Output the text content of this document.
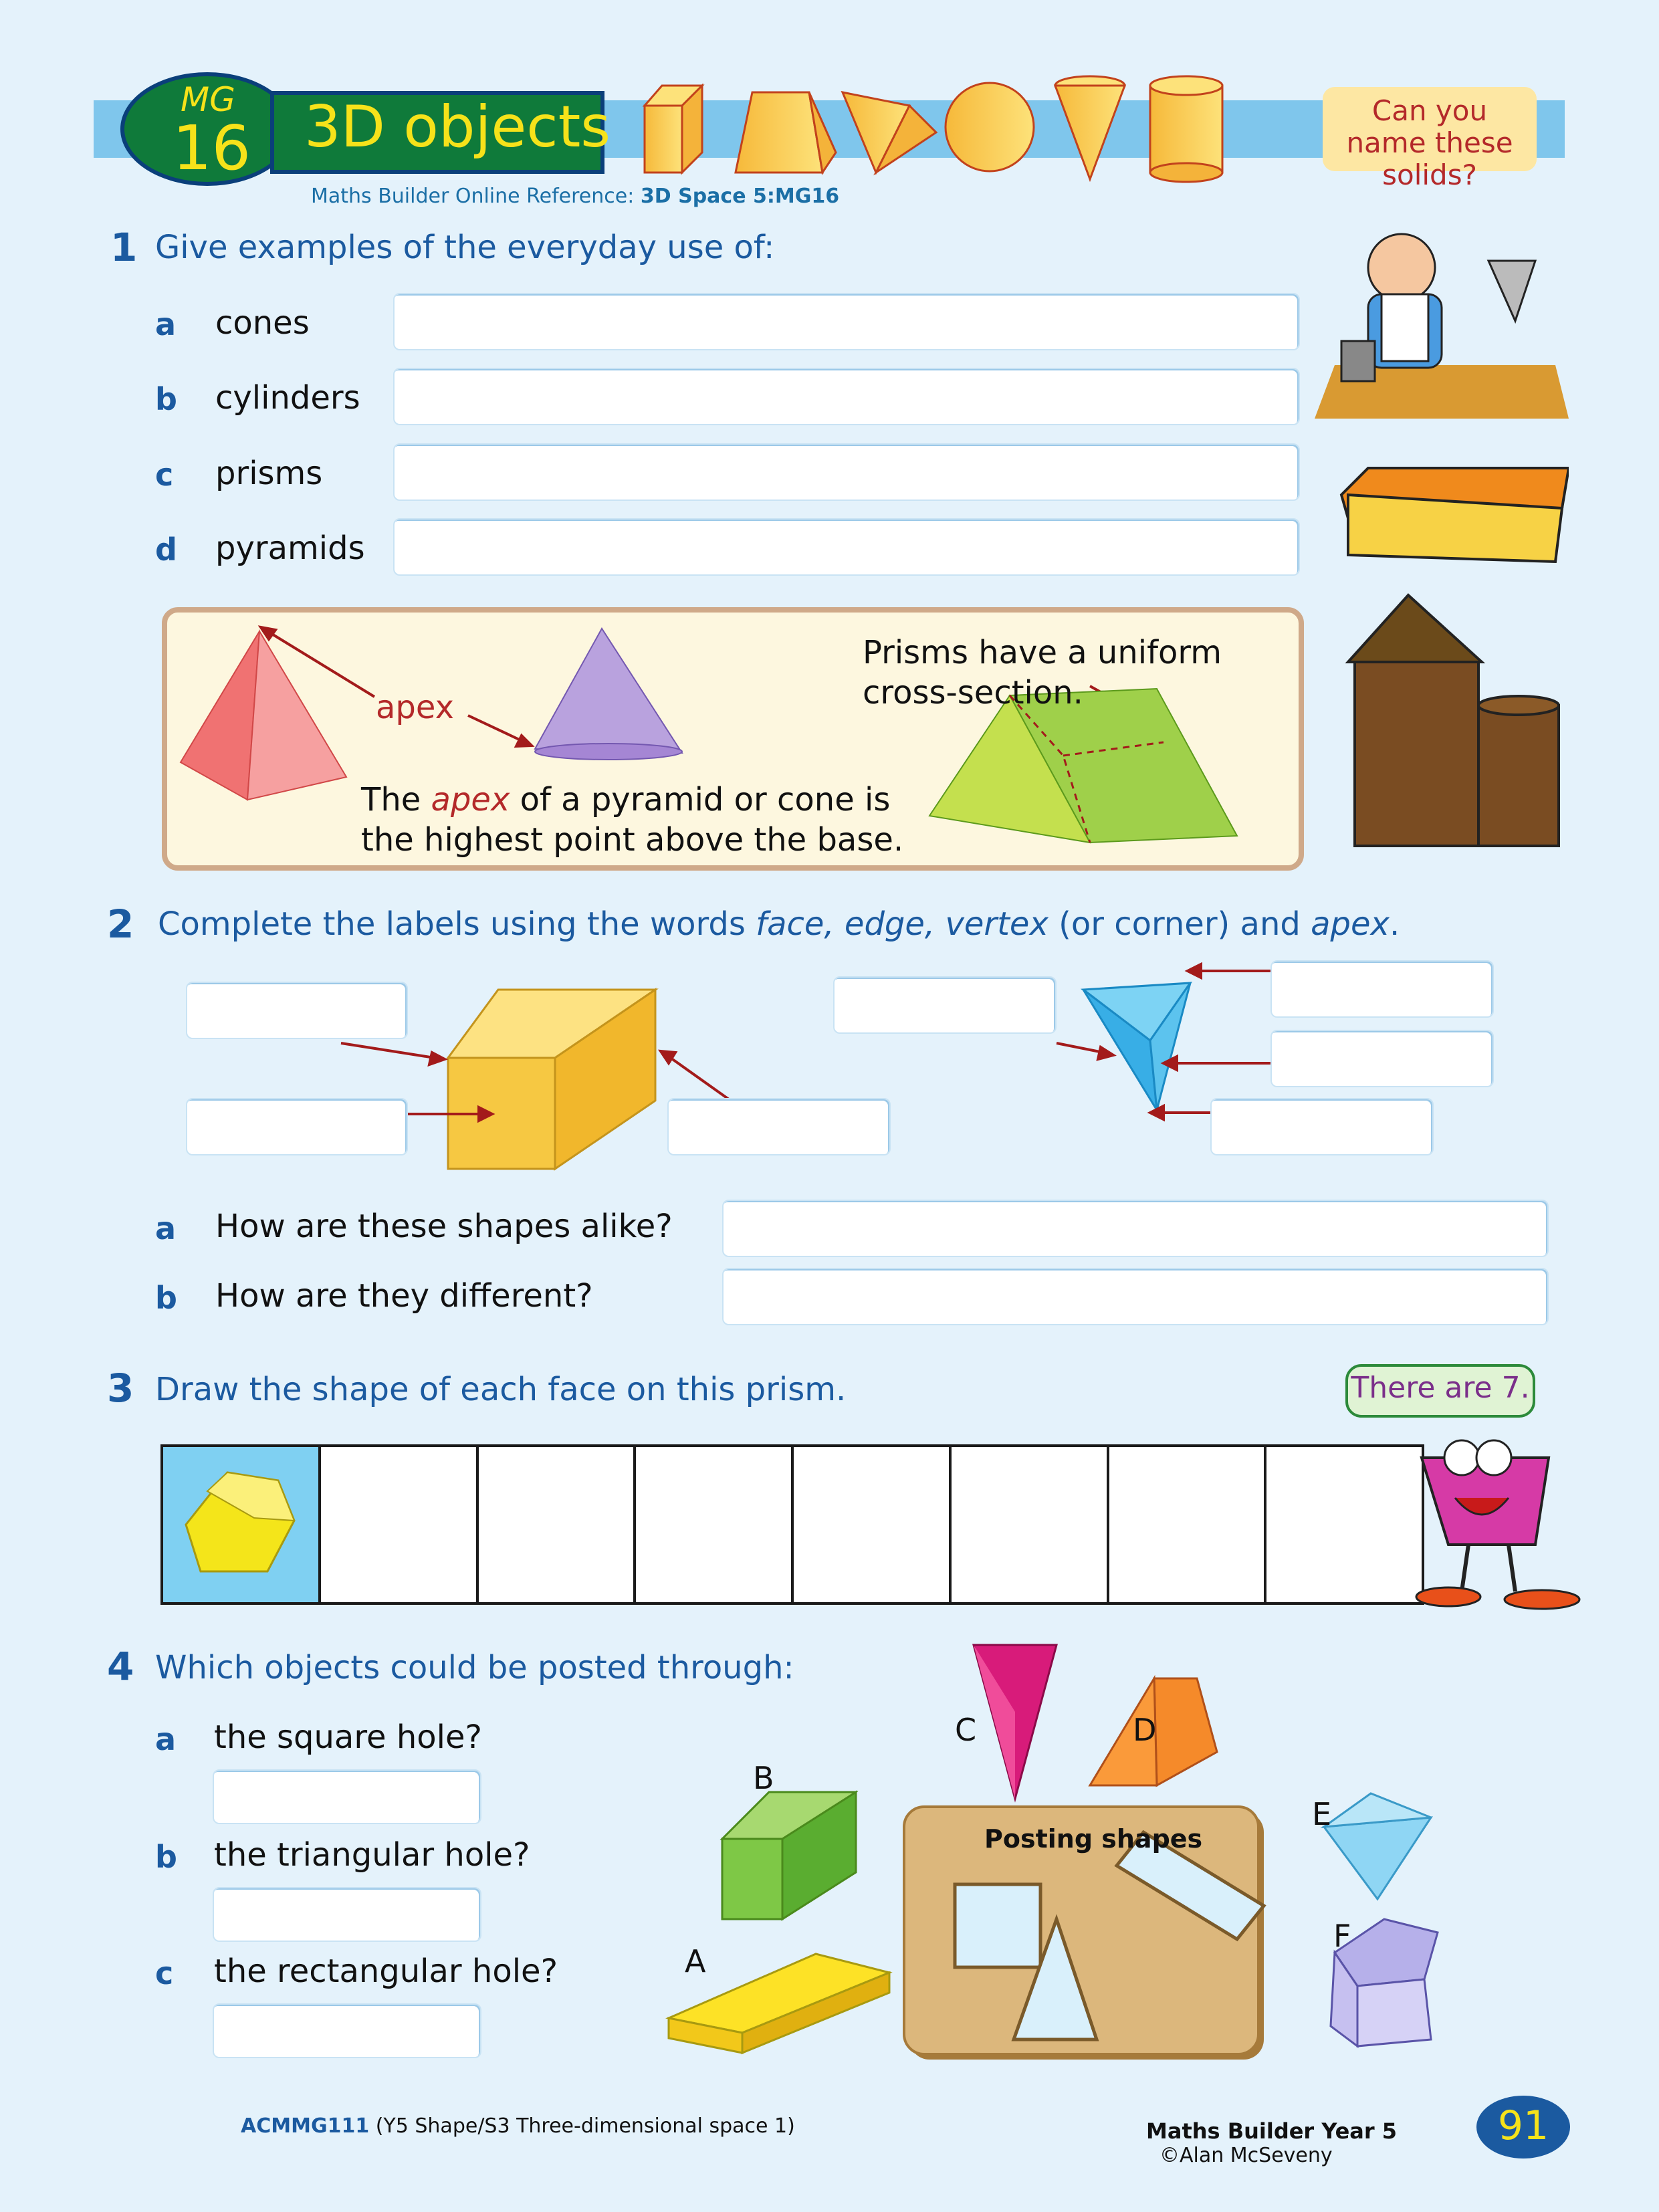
MG
16 3D objects	Can you name these solids?
Maths Builder Online Reference: 3D Space 5:MG16
1 Give examples of the everyday use of:
a cones
b cylinders
c prisms
d pyramids
apex
Prisms have a uniform
cross-section.
The apex of a pyramid or cone is
the highest point above the base.
2 Complete the labels using the words face, edge, vertex (or corner) and apex.
a How are these shapes alike?
b How are they different?
3 Draw the shape of each face on this prism.	There are 7.
4 Which objects could be posted through:
a the square hole?
b the triangular hole?
c the rectangular hole?
Posting shapes
C	D
B
E
F
A
ACMMG111 (Y5 Shape/S3 Three-dimensional space 1)	Maths Builder Year 5
©Alan McSeveny
91
